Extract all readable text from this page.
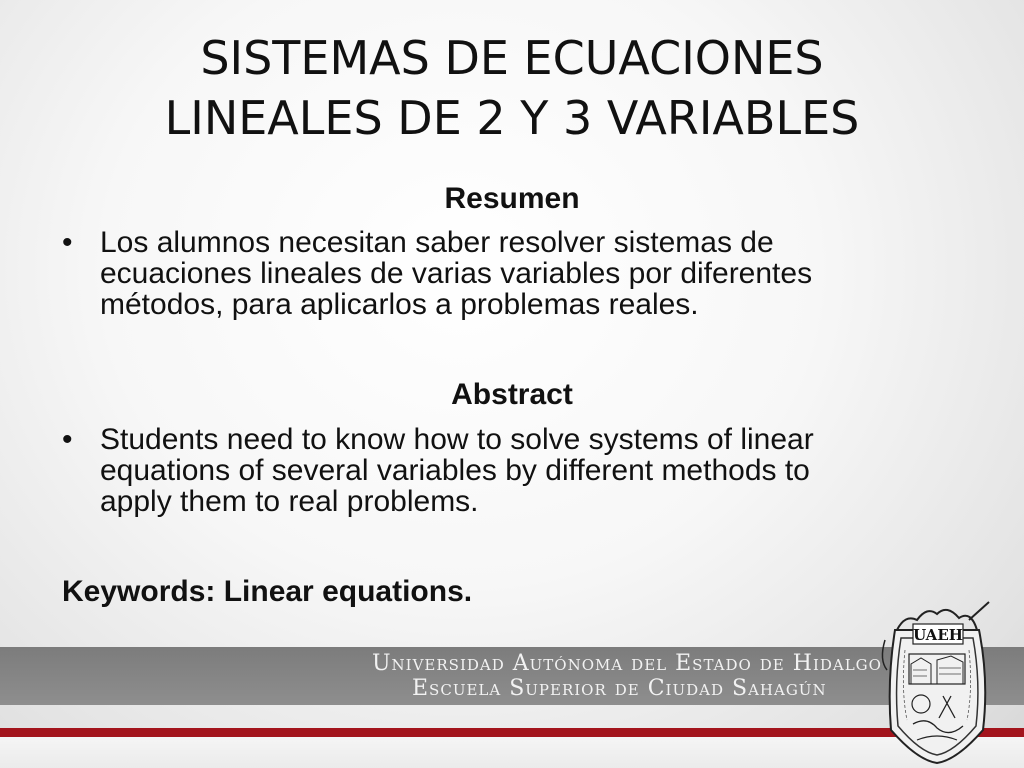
SISTEMAS DE ECUACIONES
LINEALES DE 2 Y 3 VARIABLES
Resumen
• Los alumnos necesitan saber resolver sistemas de
ecuaciones lineales de varias variables por diferentes
métodos, para aplicarlos a problemas reales.
Abstract
• Students need to know how to solve systems of linear
equations of several variables by different methods to
apply them to real problems.
Keywords: Linear equations.
Universidad Autónoma del Estado de Hidalgo
Escuela Superior de Ciudad Sahagún
UAEH
